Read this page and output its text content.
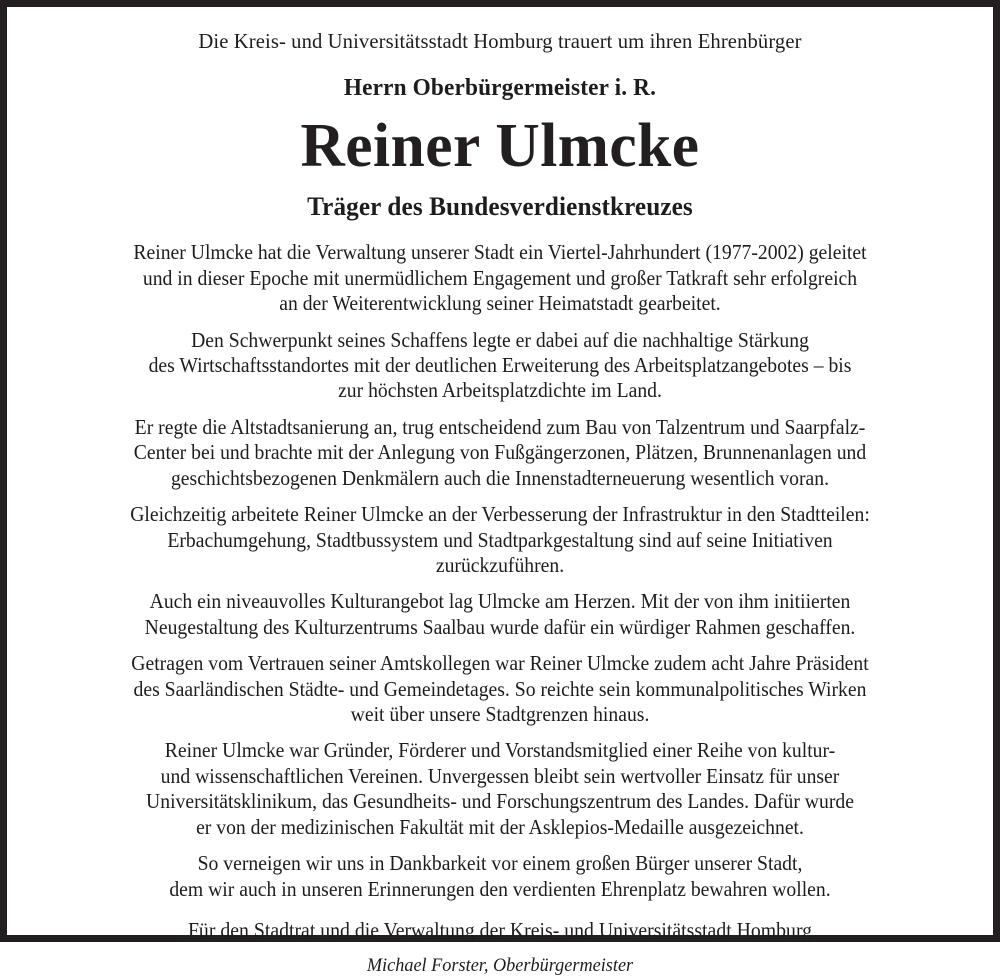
Die Kreis- und Universitätsstadt Homburg trauert um ihren Ehrenbürger
Herrn Oberbürgermeister i. R.
Reiner Ulmcke
Träger des Bundesverdienstkreuzes

Reiner Ulmcke hat die Verwaltung unserer Stadt ein Viertel-Jahrhundert (1977-2002) geleitet
und in dieser Epoche mit unermüdlichem Engagement und großer Tatkraft sehr erfolgreich
an der Weiterentwicklung seiner Heimatstadt gearbeitet.

Den Schwerpunkt seines Schaffens legte er dabei auf die nachhaltige Stärkung
des Wirtschaftsstandortes mit der deutlichen Erweiterung des Arbeitsplatzangebotes – bis
zur höchsten Arbeitsplatzdichte im Land.

Er regte die Altstadtsanierung an, trug entscheidend zum Bau von Talzentrum und Saarpfalz-
Center bei und brachte mit der Anlegung von Fußgängerzonen, Plätzen, Brunnenanlagen und
geschichtsbezogenen Denkmälern auch die Innenstadterneuerung wesentlich voran.

Gleichzeitig arbeitete Reiner Ulmcke an der Verbesserung der Infrastruktur in den Stadtteilen:
Erbachumgehung, Stadtbussystem und Stadtparkgestaltung sind auf seine Initiativen
zurückzuführen.

Auch ein niveauvolles Kulturangebot lag Ulmcke am Herzen. Mit der von ihm initiierten
Neugestaltung des Kulturzentrums Saalbau wurde dafür ein würdiger Rahmen geschaffen.

Getragen vom Vertrauen seiner Amtskollegen war Reiner Ulmcke zudem acht Jahre Präsident
des Saarländischen Städte- und Gemeindetages. So reichte sein kommunalpolitisches Wirken
weit über unsere Stadtgrenzen hinaus.

Reiner Ulmcke war Gründer, Förderer und Vorstandsmitglied einer Reihe von kultur-
und wissenschaftlichen Vereinen. Unvergessen bleibt sein wertvoller Einsatz für unser
Universitätsklinikum, das Gesundheits- und Forschungszentrum des Landes. Dafür wurde
er von der medizinischen Fakultät mit der Asklepios-Medaille ausgezeichnet.

So verneigen wir uns in Dankbarkeit vor einem großen Bürger unserer Stadt,
dem wir auch in unseren Erinnerungen den verdienten Ehrenplatz bewahren wollen.

Für den Stadtrat und die Verwaltung der Kreis- und Universitätsstadt Homburg
Michael Forster, Oberbürgermeister
